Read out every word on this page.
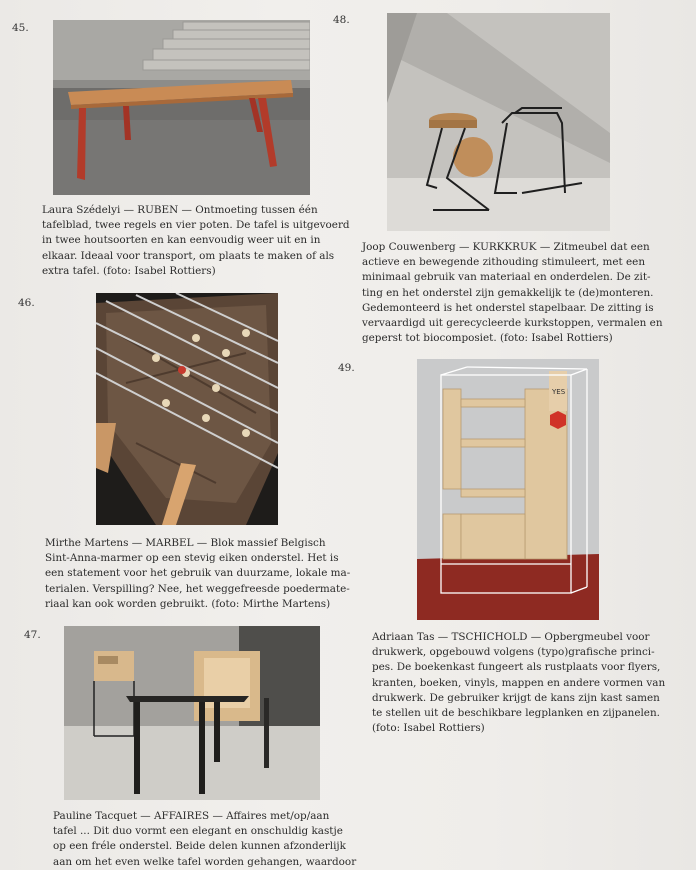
45.

Laura Szédelyi — RUBEN — Ontmoeting tussen één
tafelblad, twee regels en vier poten. De tafel is uitgevoerd
in twee houtsoorten en kan eenvoudig weer uit en in
elkaar. Ideaal voor transport, om plaats te maken of als
extra tafel. (foto: Isabel Rottiers)

46.

Mirthe Martens — MARBEL — Blok massief Belgisch
Sint-Anna-marmer op een stevig eiken onderstel. Het is
een statement voor het gebruik van duurzame, lokale ma-
terialen. Verspilling? Nee, het weggefreesde poedermate-
riaal kan ook worden gebruikt. (foto: Mirthe Martens)

47.

Pauline Tacquet — AFFAIRES — Affaires met/op/aan
tafel ... Dit duo vormt een elegant en onschuldig kastje
op een fréle onderstel. Beide delen kunnen afzonderlijk
aan om het even welke tafel worden gehangen, waardoor

48.

Joop Couwenberg — KURKKRUK — Zitmeubel dat een
actieve en bewegende zithouding stimuleert, met een
minimaal gebruik van materiaal en onderdelen. De zit-
ting en het onderstel zijn gemakkelijk te (de)monteren.
Gedemonteerd is het onderstel stapelbaar. De zitting is
vervaardigd uit gerecycleerde kurkstoppen, vermalen en
geperst tot biocomposiet. (foto: Isabel Rottiers)

49.
YES

Adriaan Tas — TSCHICHOLD — Opbergmeubel voor
drukwerk, opgebouwd volgens (typo)grafische princi-
pes. De boekenkast fungeert als rustplaats voor flyers,
kranten, boeken, vinyls, mappen en andere vormen van
drukwerk. De gebruiker krijgt de kans zijn kast samen
te stellen uit de beschikbare legplanken en zijpanelen.
(foto: Isabel Rottiers)
